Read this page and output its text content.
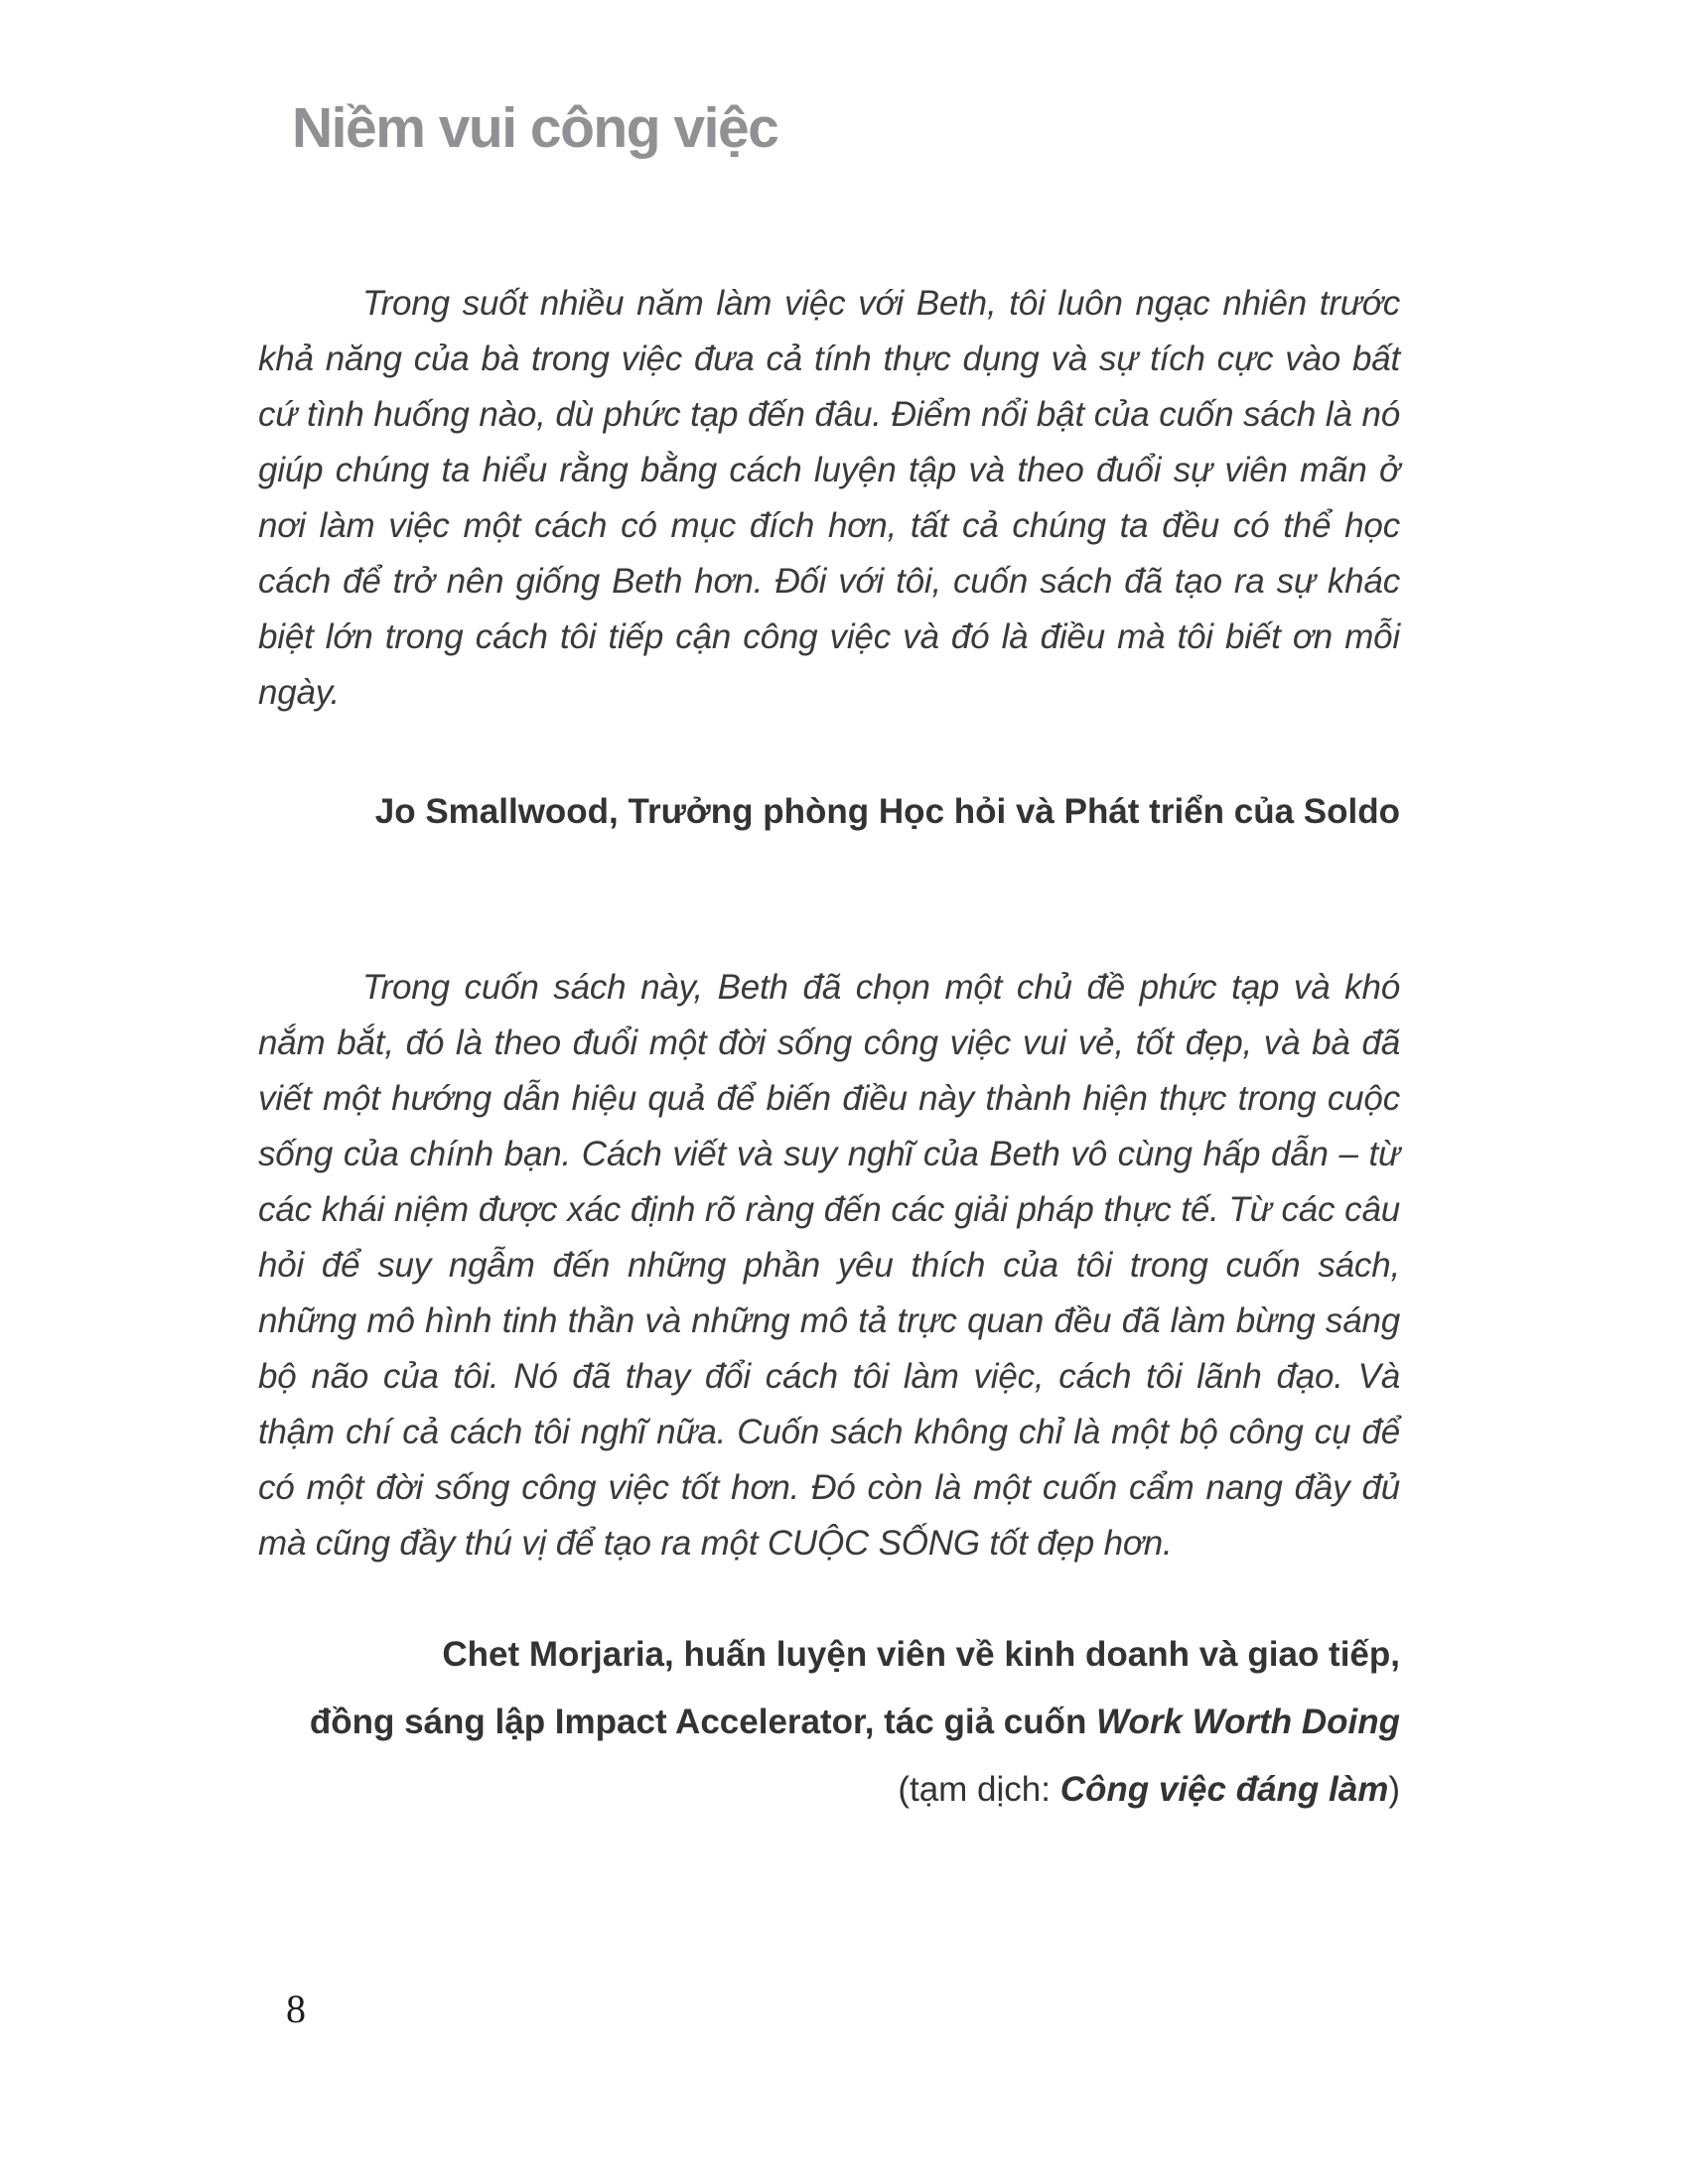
Niềm vui công việc

Trong suốt nhiều năm làm việc với Beth, tôi luôn ngạc nhiên trước khả năng của bà trong việc đưa cả tính thực dụng và sự tích cực vào bất cứ tình huống nào, dù phức tạp đến đâu. Điểm nổi bật của cuốn sách là nó giúp chúng ta hiểu rằng bằng cách luyện tập và theo đuổi sự viên mãn ở nơi làm việc một cách có mục đích hơn, tất cả chúng ta đều có thể học cách để trở nên giống Beth hơn. Đối với tôi, cuốn sách đã tạo ra sự khác biệt lớn trong cách tôi tiếp cận công việc và đó là điều mà tôi biết ơn mỗi ngày.

Jo Smallwood, Trưởng phòng Học hỏi và Phát triển của Soldo

Trong cuốn sách này, Beth đã chọn một chủ đề phức tạp và khó nắm bắt, đó là theo đuổi một đời sống công việc vui vẻ, tốt đẹp, và bà đã viết một hướng dẫn hiệu quả để biến điều này thành hiện thực trong cuộc sống của chính bạn. Cách viết và suy nghĩ của Beth vô cùng hấp dẫn – từ các khái niệm được xác định rõ ràng đến các giải pháp thực tế. Từ các câu hỏi để suy ngẫm đến những phần yêu thích của tôi trong cuốn sách, những mô hình tinh thần và những mô tả trực quan đều đã làm bừng sáng bộ não của tôi. Nó đã thay đổi cách tôi làm việc, cách tôi lãnh đạo. Và thậm chí cả cách tôi nghĩ nữa. Cuốn sách không chỉ là một bộ công cụ để có một đời sống công việc tốt hơn. Đó còn là một cuốn cẩm nang đầy đủ mà cũng đầy thú vị để tạo ra một CUỘC SỐNG tốt đẹp hơn.

Chet Morjaria, huấn luyện viên về kinh doanh và giao tiếp,
đồng sáng lập Impact Accelerator, tác giả cuốn Work Worth Doing
(tạm dịch: Công việc đáng làm)
8
